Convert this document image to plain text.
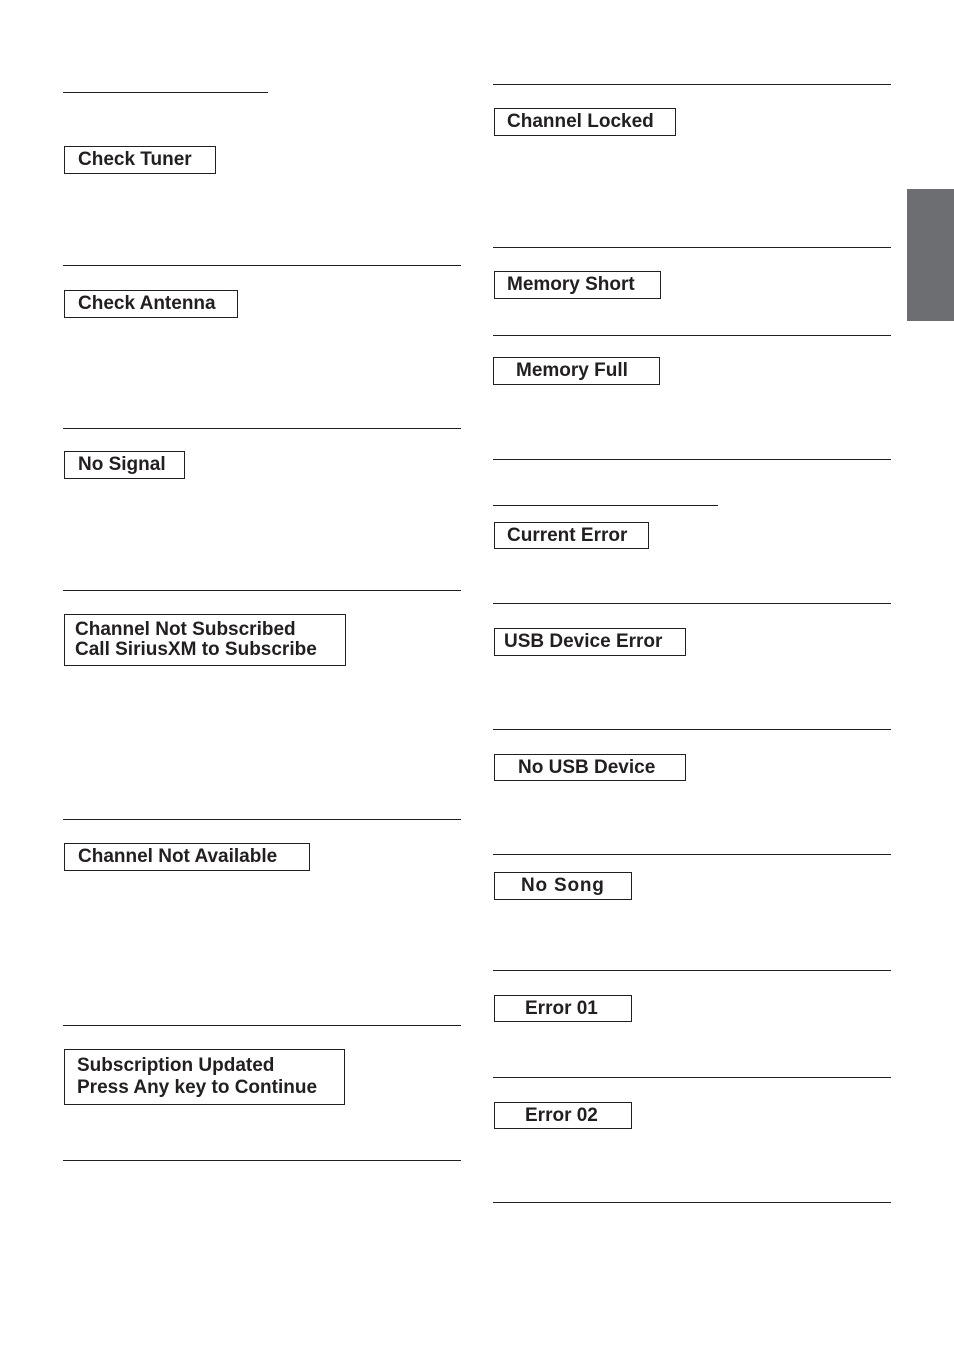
Check Tuner
Check Antenna
No Signal
Channel Not Subscribed
Call SiriusXM to Subscribe
Channel Not Available
Subscription Updated
Press Any key to Continue
Channel Locked
Memory Short
Memory Full
Current Error
USB Device Error
No USB Device
No Song
Error 01
Error 02
